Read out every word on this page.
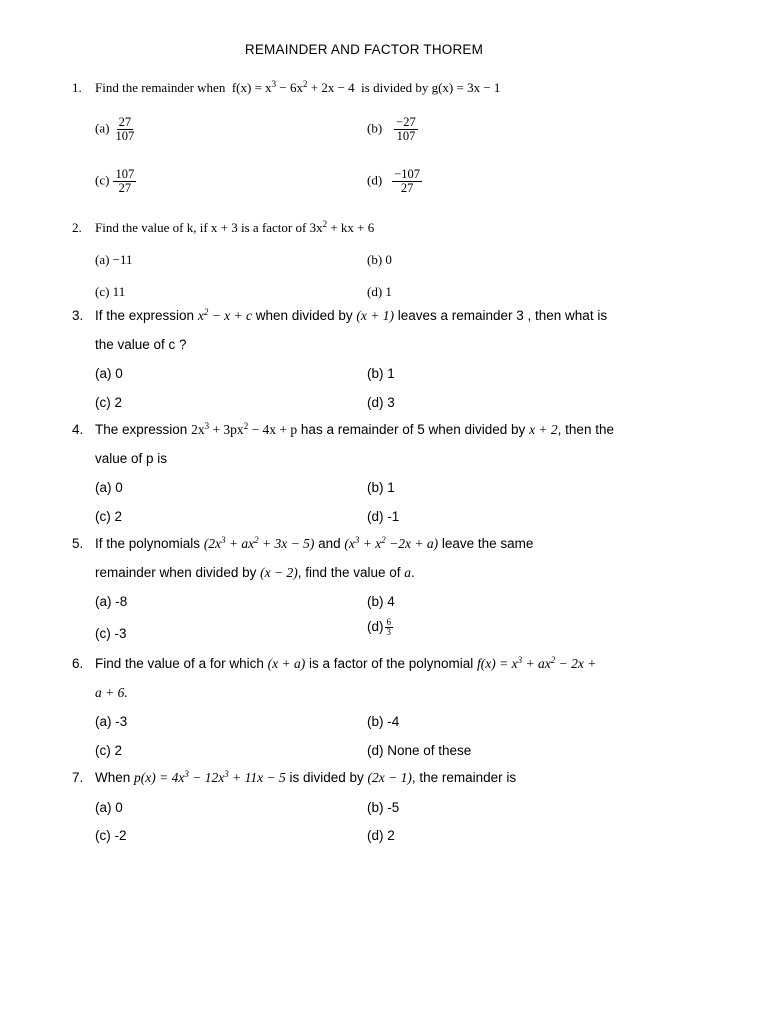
REMAINDER AND FACTOR THOREM
1. Find the remainder when $f(x) = x^3 - 6x^2 + 2x - 4$ is divided by g(x) = 3x − 1
$(a) \frac{27}{107}$	$(b) \frac{-27}{107}$
$(c) \frac{107}{27}$	$(d) \frac{-107}{27}$
2. Find the value of k, if x + 3 is a factor of $3x^2$ + kx + 6
(a) −11	(b) 0
(c) 11	(d) 1
3. If the expression $x^2 - x + c$ when divided by (x + 1) leaves a remainder 3 , then what is
the value of c ?
(a) 0	(b) 1
(c) 2	(d) 3
4. The expression $2x^3 + 3px^2 - 4x + p$ has a remainder of 5 when divided by x + 2, then the
value of p is
(a) 0	(b) 1
(c) 2	(d) -1
5. If the polynomials $(2x^3 + ax^2 + 3x - 5)$ and $(x^3 + x^2 -2x + a)$ leave the same
remainder when divided by (x − 2), find the value of a.
(a) -8	(b) 4
(c) -3	$(d) \frac{6}{3}$
6. Find the value of a for which (x + a) is a factor of the polynomial $f(x) = x^3 + ax^2 - 2x$ +
a + 6.
(a) -3	(b) -4
(c) 2	(d) None of these
7. When $p(x) = 4x^3 - 12x^3 + 11x - 5$ is divided by (2x − 1), the remainder is
(a) 0	(b) -5
(c) -2	(d) 2
